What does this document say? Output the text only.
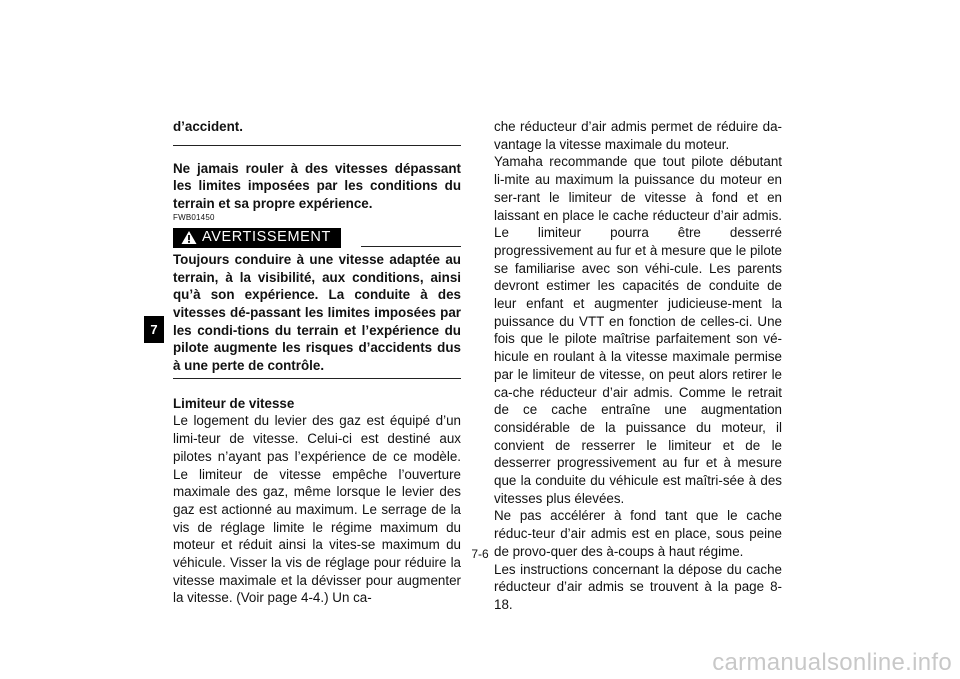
7

d’accident.

Ne jamais rouler à des vitesses dépassant les limites imposées par les conditions du terrain et sa propre expérience.

FWB01450
AVERTISSEMENT

Toujours conduire à une vitesse adaptée au terrain, à la visibilité, aux conditions, ainsi qu’à son expérience. La conduite à des vitesses dé-passant les limites imposées par les condi-tions du terrain et l’expérience du pilote augmente les risques d’accidents dus à une perte de contrôle.

Limiteur de vitesse

Le logement du levier des gaz est équipé d’un limi-teur de vitesse. Celui-ci est destiné aux pilotes n’ayant pas l’expérience de ce modèle. Le limiteur de vitesse empêche l’ouverture maximale des gaz, même lorsque le levier des gaz est actionné au maximum. Le serrage de la vis de réglage limite le régime maximum du moteur et réduit ainsi la vites-se maximum du véhicule. Visser la vis de réglage pour réduire la vitesse maximale et la dévisser pour augmenter la vitesse. (Voir page 4-4.) Un ca-

che réducteur d’air admis permet de réduire da-vantage la vitesse maximale du moteur.

Yamaha recommande que tout pilote débutant li-mite au maximum la puissance du moteur en ser-rant le limiteur de vitesse à fond et en laissant en place le cache réducteur d’air admis. Le limiteur pourra être desserré progressivement au fur et à mesure que le pilote se familiarise avec son véhi-cule. Les parents devront estimer les capacités de conduite de leur enfant et augmenter judicieuse-ment la puissance du VTT en fonction de celles-ci. Une fois que le pilote maîtrise parfaitement son vé-hicule en roulant à la vitesse maximale permise par le limiteur de vitesse, on peut alors retirer le ca-che réducteur d’air admis. Comme le retrait de ce cache entraîne une augmentation considérable de la puissance du moteur, il convient de resserrer le limiteur et de le desserrer progressivement au fur et à mesure que la conduite du véhicule est maîtri-sée à des vitesses plus élevées.

Ne pas accélérer à fond tant que le cache réduc-teur d’air admis est en place, sous peine de provo-quer des à-coups à haut régime.

Les instructions concernant la dépose du cache réducteur d’air admis se trouvent à la page 8-18.

7-6
carmanualsonline.info
